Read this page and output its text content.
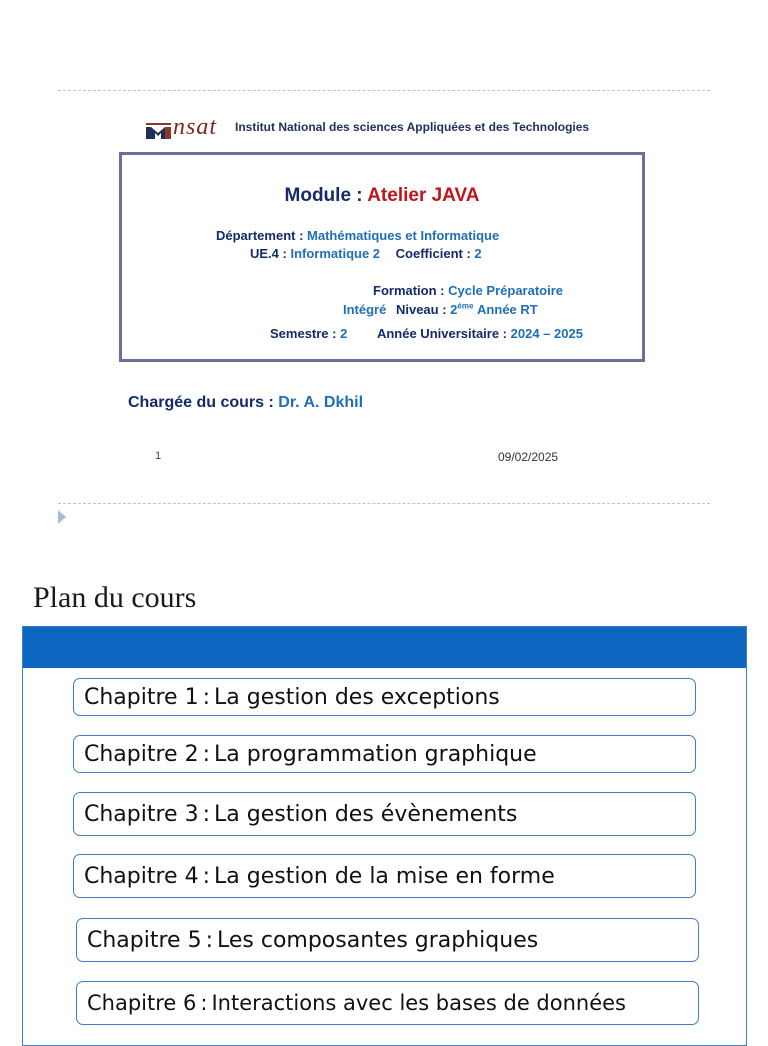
nsat Institut National des sciences Appliquées et des Technologies
Module : Atelier JAVA
Département : Mathématiques et Informatique
UE.4 : Informatique 2 Coefficient : 2
Formation : Cycle Préparatoire
Intégré Niveau : 2ème Année RT
Semestre : 2 Année Universitaire : 2024 – 2025
Chargée du cours : Dr. A. Dkhil
1	09/02/2025
Plan du cours
Chapitre 1 : La gestion des exceptions
Chapitre 2 : La programmation graphique
Chapitre 3 : La gestion des évènements
Chapitre 4 : La gestion de la mise en forme
Chapitre 5 : Les composantes graphiques
Chapitre 6 : Interactions avec les bases de données
